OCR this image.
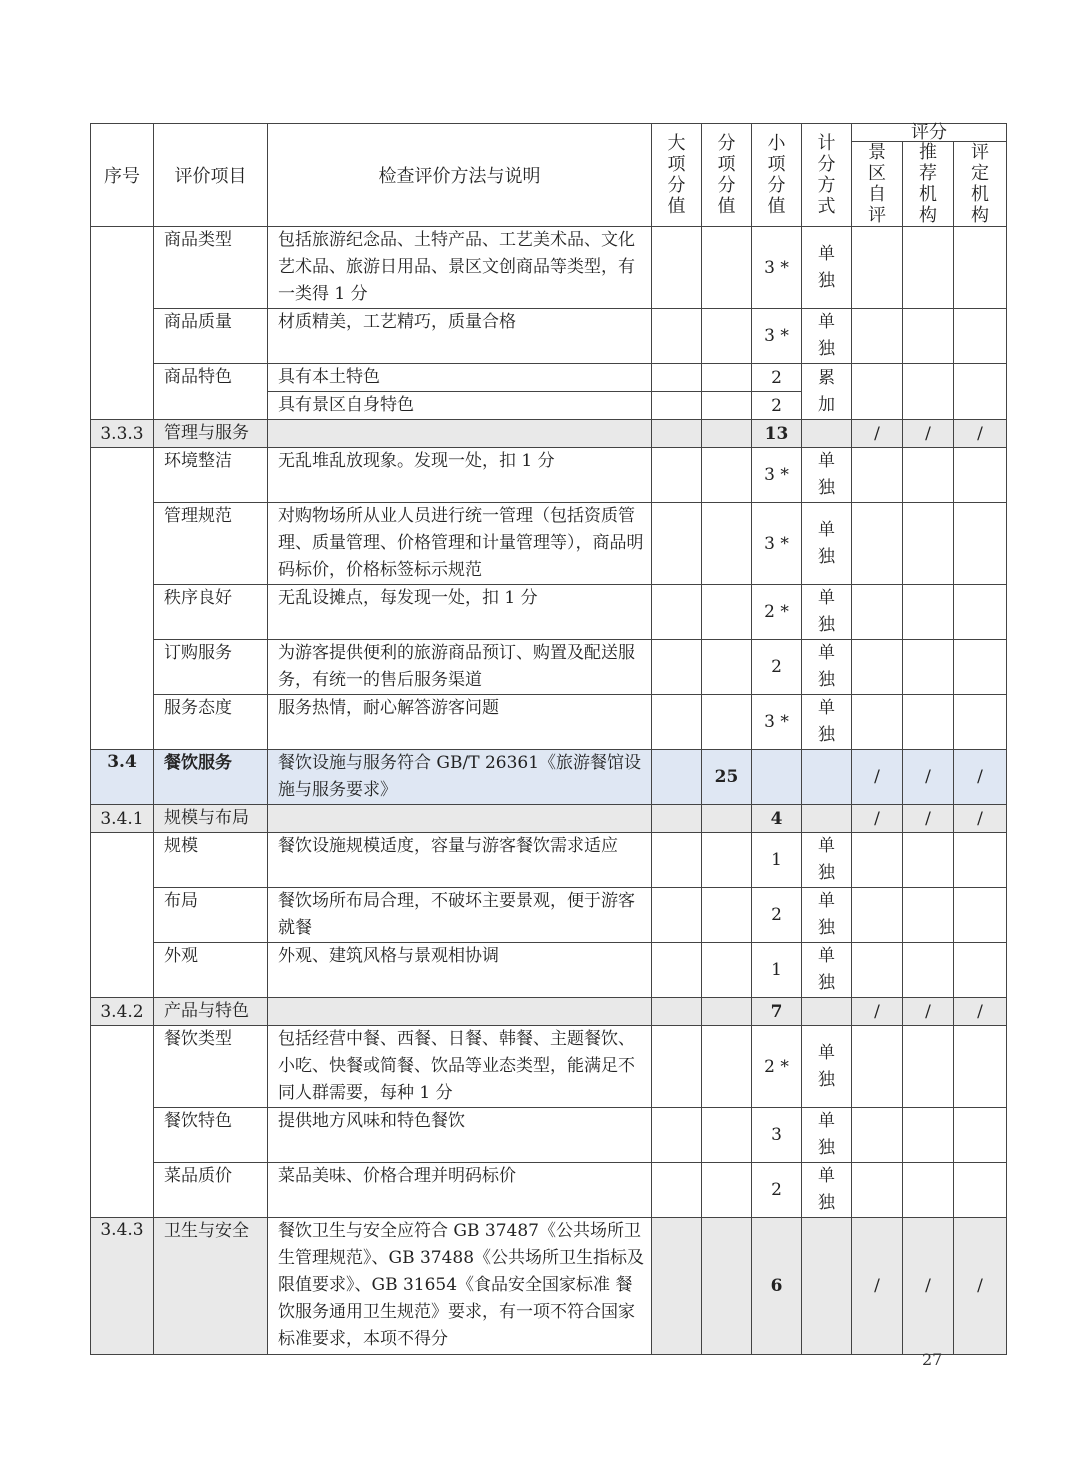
序号	评价项目	检查评价方法与说明	大项分值	分项分值	小项分值	计分方式	评分		
							景区自评	推荐机构	评定机构
	商品类型	包括旅游纪念品、土特产品、工艺美术品、文化艺术品、旅游日用品、景区文创商品等类型，有一类得 1 分			3 *	单独			
	商品质量	材质精美，工艺精巧，质量合格			3 *	单独			
	商品特色	具有本土特色			2	累加			
		具有景区自身特色			2				
3.3.3	管理与服务				13		/	/	/
	环境整洁	无乱堆乱放现象。发现一处，扣 1 分			3 *	单独			
	管理规范	对购物场所从业人员进行统一管理（包括资质管理、质量管理、价格管理和计量管理等），商品明码标价，价格标签标示规范			3 *	单独			
	秩序良好	无乱设摊点，每发现一处，扣 1 分			2 *	单独			
	订购服务	为游客提供便利的旅游商品预订、购置及配送服务，有统一的售后服务渠道			2	单独			
	服务态度	服务热情，耐心解答游客问题			3 *	单独			
3.4	餐饮服务	餐饮设施与服务符合 GB/T 26361《旅游餐馆设施与服务要求》		25			/	/	/
3.4.1	规模与布局				4		/	/	/
	规模	餐饮设施规模适度，容量与游客餐饮需求适应			1	单独			
	布局	餐饮场所布局合理，不破坏主要景观，便于游客就餐			2	单独			
	外观	外观、建筑风格与景观相协调			1	单独			
3.4.2	产品与特色				7		/	/	/
	餐饮类型	包括经营中餐、西餐、日餐、韩餐、主题餐饮、小吃、快餐或简餐、饮品等业态类型，能满足不同人群需要，每种 1 分			2 *	单独			
	餐饮特色	提供地方风味和特色餐饮			3	单独			
	菜品质价	菜品美味、价格合理并明码标价			2	单独			
3.4.3	卫生与安全	餐饮卫生与安全应符合 GB 37487《公共场所卫生管理规范》、GB 37488《公共场所卫生指标及限值要求》、GB 31654《食品安全国家标准 餐饮服务通用卫生规范》要求，有一项不符合国家标准要求，本项不得分			6		/	/	/
27
